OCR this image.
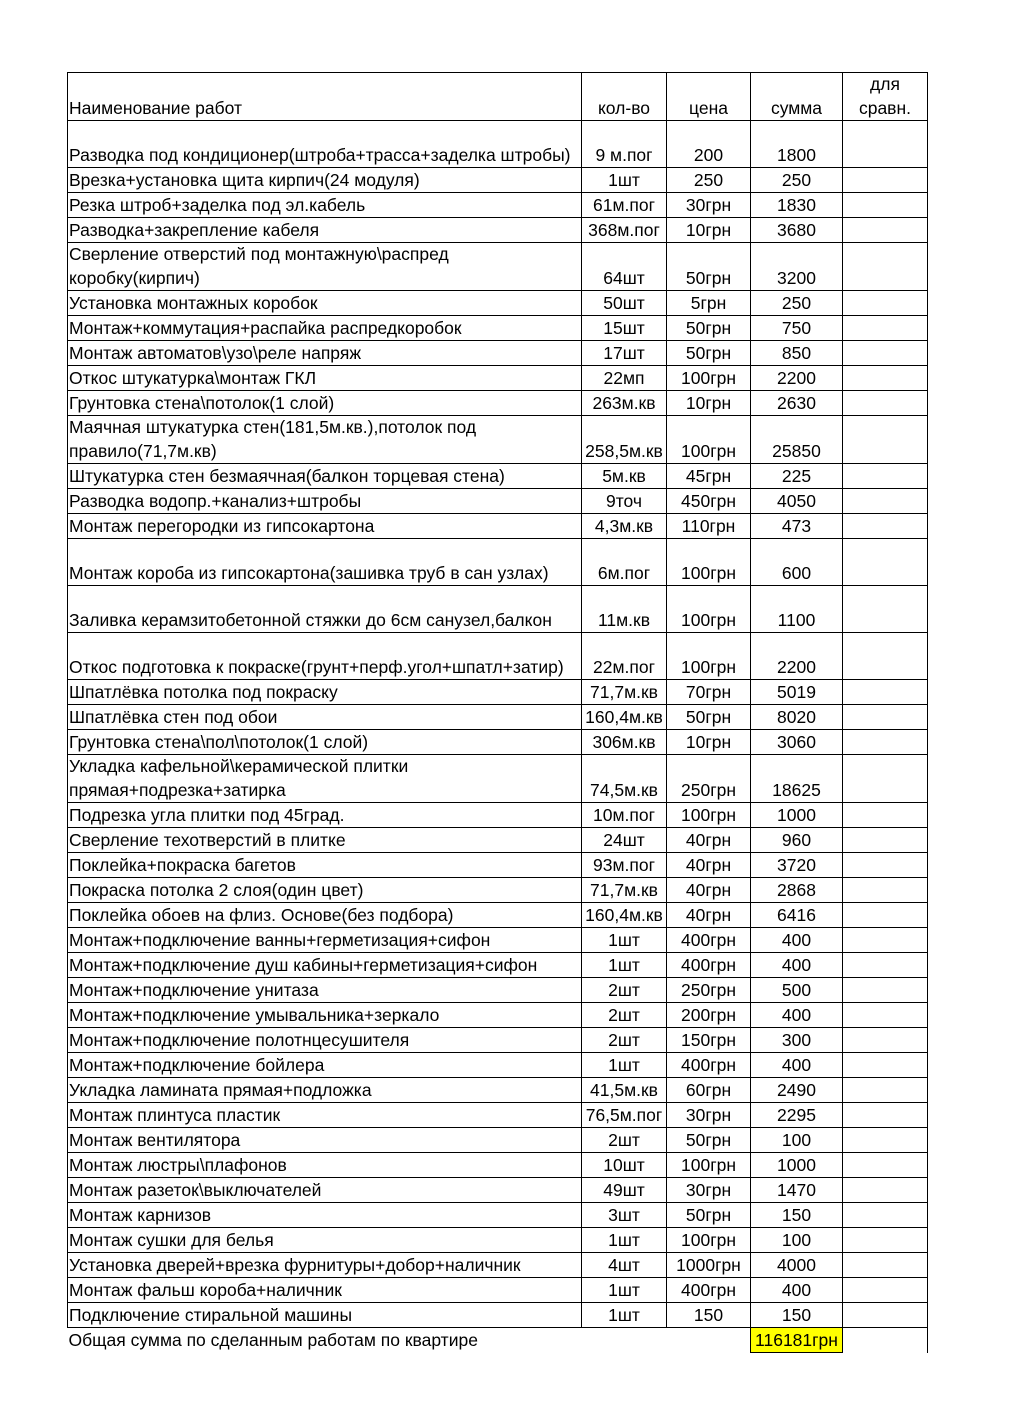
Наименование работ	кол-во	цена	сумма	для сравн.
Разводка под кондиционер(штроба+трасса+заделка штробы)	9 м.пог	200	1800	
Врезка+установка щита кирпич(24 модуля)	1шт	250	250	
Резка штроб+заделка под эл.кабель	61м.пог	30грн	1830	
Разводка+закрепление кабеля	368м.пог	10грн	3680	
Сверление отверстий под монтажную\распред коробку(кирпич)	64шт	50грн	3200	
Установка монтажных коробок	50шт	5грн	250	
Монтаж+коммутация+распайка распредкоробок	15шт	50грн	750	
Монтаж автоматов\узо\реле напряж	17шт	50грн	850	
Откос штукатурка\монтаж ГКЛ	22мп	100грн	2200	
Грунтовка стена\потолок(1 слой)	263м.кв	10грн	2630	
Маячная штукатурка стен(181,5м.кв.),потолок под правило(71,7м.кв)	258,5м.кв	100грн	25850	
Штукатурка стен безмаячная(балкон торцевая стена)	5м.кв	45грн	225	
Разводка водопр.+канализ+штробы	9точ	450грн	4050	
Монтаж перегородки из гипсокартона	4,3м.кв	110грн	473	
Монтаж короба из гипсокартона(зашивка труб в сан узлах)	6м.пог	100грн	600	
Заливка керамзитобетонной стяжки до 6см санузел,балкон	11м.кв	100грн	1100	
Откос подготовка к покраске(грунт+перф.угол+шпатл+затир)	22м.пог	100грн	2200	
Шпатлёвка потолка под покраску	71,7м.кв	70грн	5019	
Шпатлёвка стен под обои	160,4м.кв	50грн	8020	
Грунтовка стена\пол\потолок(1 слой)	306м.кв	10грн	3060	
Укладка кафельной\керамической плитки прямая+подрезка+затирка	74,5м.кв	250грн	18625	
Подрезка угла плитки под 45град.	10м.пог	100грн	1000	
Сверление техотверстий в плитке	24шт	40грн	960	
Поклейка+покраска багетов	93м.пог	40грн	3720	
Покраска потолка 2 слоя(один цвет)	71,7м.кв	40грн	2868	
Поклейка обоев на флиз. Основе(без подбора)	160,4м.кв	40грн	6416	
Монтаж+подключение ванны+герметизация+сифон	1шт	400грн	400	
Монтаж+подключение душ кабины+герметизация+сифон	1шт	400грн	400	
Монтаж+подключение унитаза	2шт	250грн	500	
Монтаж+подключение умывальника+зеркало	2шт	200грн	400	
Монтаж+подключение полотнцесушителя	2шт	150грн	300	
Монтаж+подключение бойлера	1шт	400грн	400	
Укладка ламината прямая+подложка	41,5м.кв	60грн	2490	
Монтаж плинтуса пластик	76,5м.пог	30грн	2295	
Монтаж вентилятора	2шт	50грн	100	
Монтаж люстры\плафонов	10шт	100грн	1000	
Монтаж разеток\выключателей	49шт	30грн	1470	
Монтаж карнизов	3шт	50грн	150	
Монтаж сушки для белья	1шт	100грн	100	
Установка дверей+врезка фурнитуры+добор+наличник	4шт	1000грн	4000	
Монтаж фальш короба+наличник	1шт	400грн	400	
Подключение стиральной машины	1шт	150	150	
Общая сумма по сделанным работам по квартире			116181грн	
